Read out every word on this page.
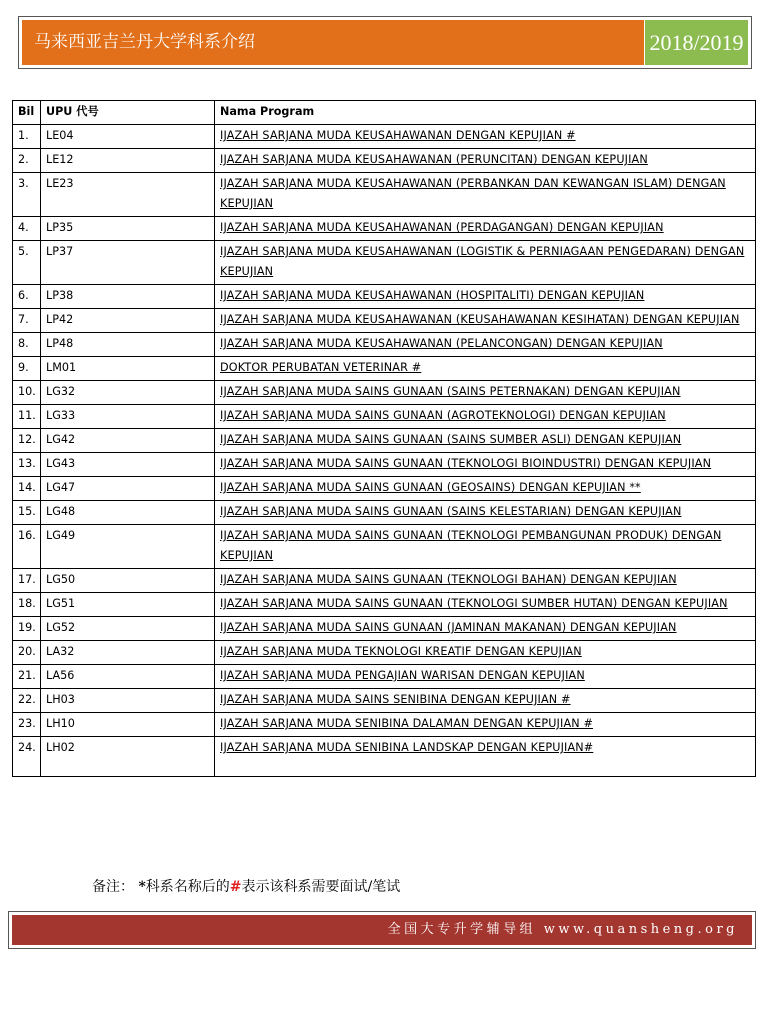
马来西亚吉兰丹大学科系介绍	2018/2019
Bil	UPU 代号	Nama Program
1.	LE04	IJAZAH SARJANA MUDA KEUSAHAWANAN DENGAN KEPUJIAN #
2.	LE12	IJAZAH SARJANA MUDA KEUSAHAWANAN (PERUNCITAN) DENGAN KEPUJIAN
3.	LE23	IJAZAH SARJANA MUDA KEUSAHAWANAN (PERBANKAN DAN KEWANGAN ISLAM) DENGAN KEPUJIAN
4.	LP35	IJAZAH SARJANA MUDA KEUSAHAWANAN (PERDAGANGAN) DENGAN KEPUJIAN
5.	LP37	IJAZAH SARJANA MUDA KEUSAHAWANAN (LOGISTIK & PERNIAGAAN PENGEDARAN) DENGAN KEPUJIAN
6.	LP38	IJAZAH SARJANA MUDA KEUSAHAWANAN (HOSPITALITI) DENGAN KEPUJIAN
7.	LP42	IJAZAH SARJANA MUDA KEUSAHAWANAN (KEUSAHAWANAN KESIHATAN) DENGAN KEPUJIAN
8.	LP48	IJAZAH SARJANA MUDA KEUSAHAWANAN (PELANCONGAN) DENGAN KEPUJIAN
9.	LM01	DOKTOR PERUBATAN VETERINAR #
10.	LG32	IJAZAH SARJANA MUDA SAINS GUNAAN (SAINS PETERNAKAN) DENGAN KEPUJIAN
11.	LG33	IJAZAH SARJANA MUDA SAINS GUNAAN (AGROTEKNOLOGI) DENGAN KEPUJIAN
12.	LG42	IJAZAH SARJANA MUDA SAINS GUNAAN (SAINS SUMBER ASLI) DENGAN KEPUJIAN
13.	LG43	IJAZAH SARJANA MUDA SAINS GUNAAN (TEKNOLOGI BIOINDUSTRI) DENGAN KEPUJIAN
14.	LG47	IJAZAH SARJANA MUDA SAINS GUNAAN (GEOSAINS) DENGAN KEPUJIAN **
15.	LG48	IJAZAH SARJANA MUDA SAINS GUNAAN (SAINS KELESTARIAN) DENGAN KEPUJIAN
16.	LG49	IJAZAH SARJANA MUDA SAINS GUNAAN (TEKNOLOGI PEMBANGUNAN PRODUK) DENGAN KEPUJIAN
17.	LG50	IJAZAH SARJANA MUDA SAINS GUNAAN (TEKNOLOGI BAHAN) DENGAN KEPUJIAN
18.	LG51	IJAZAH SARJANA MUDA SAINS GUNAAN (TEKNOLOGI SUMBER HUTAN) DENGAN KEPUJIAN
19.	LG52	IJAZAH SARJANA MUDA SAINS GUNAAN (JAMINAN MAKANAN) DENGAN KEPUJIAN
20.	LA32	IJAZAH SARJANA MUDA TEKNOLOGI KREATIF DENGAN KEPUJIAN
21.	LA56	IJAZAH SARJANA MUDA PENGAJIAN WARISAN DENGAN KEPUJIAN
22.	LH03	IJAZAH SARJANA MUDA SAINS SENIBINA DENGAN KEPUJIAN #
23.	LH10	IJAZAH SARJANA MUDA SENIBINA DALAMAN DENGAN KEPUJIAN #
24.	LH02	IJAZAH SARJANA MUDA SENIBINA LANDSKAP DENGAN KEPUJIAN#
备注： *科系名称后的#表示该科系需要面试/笔试
全国大专升学辅导组 www.quansheng.org
